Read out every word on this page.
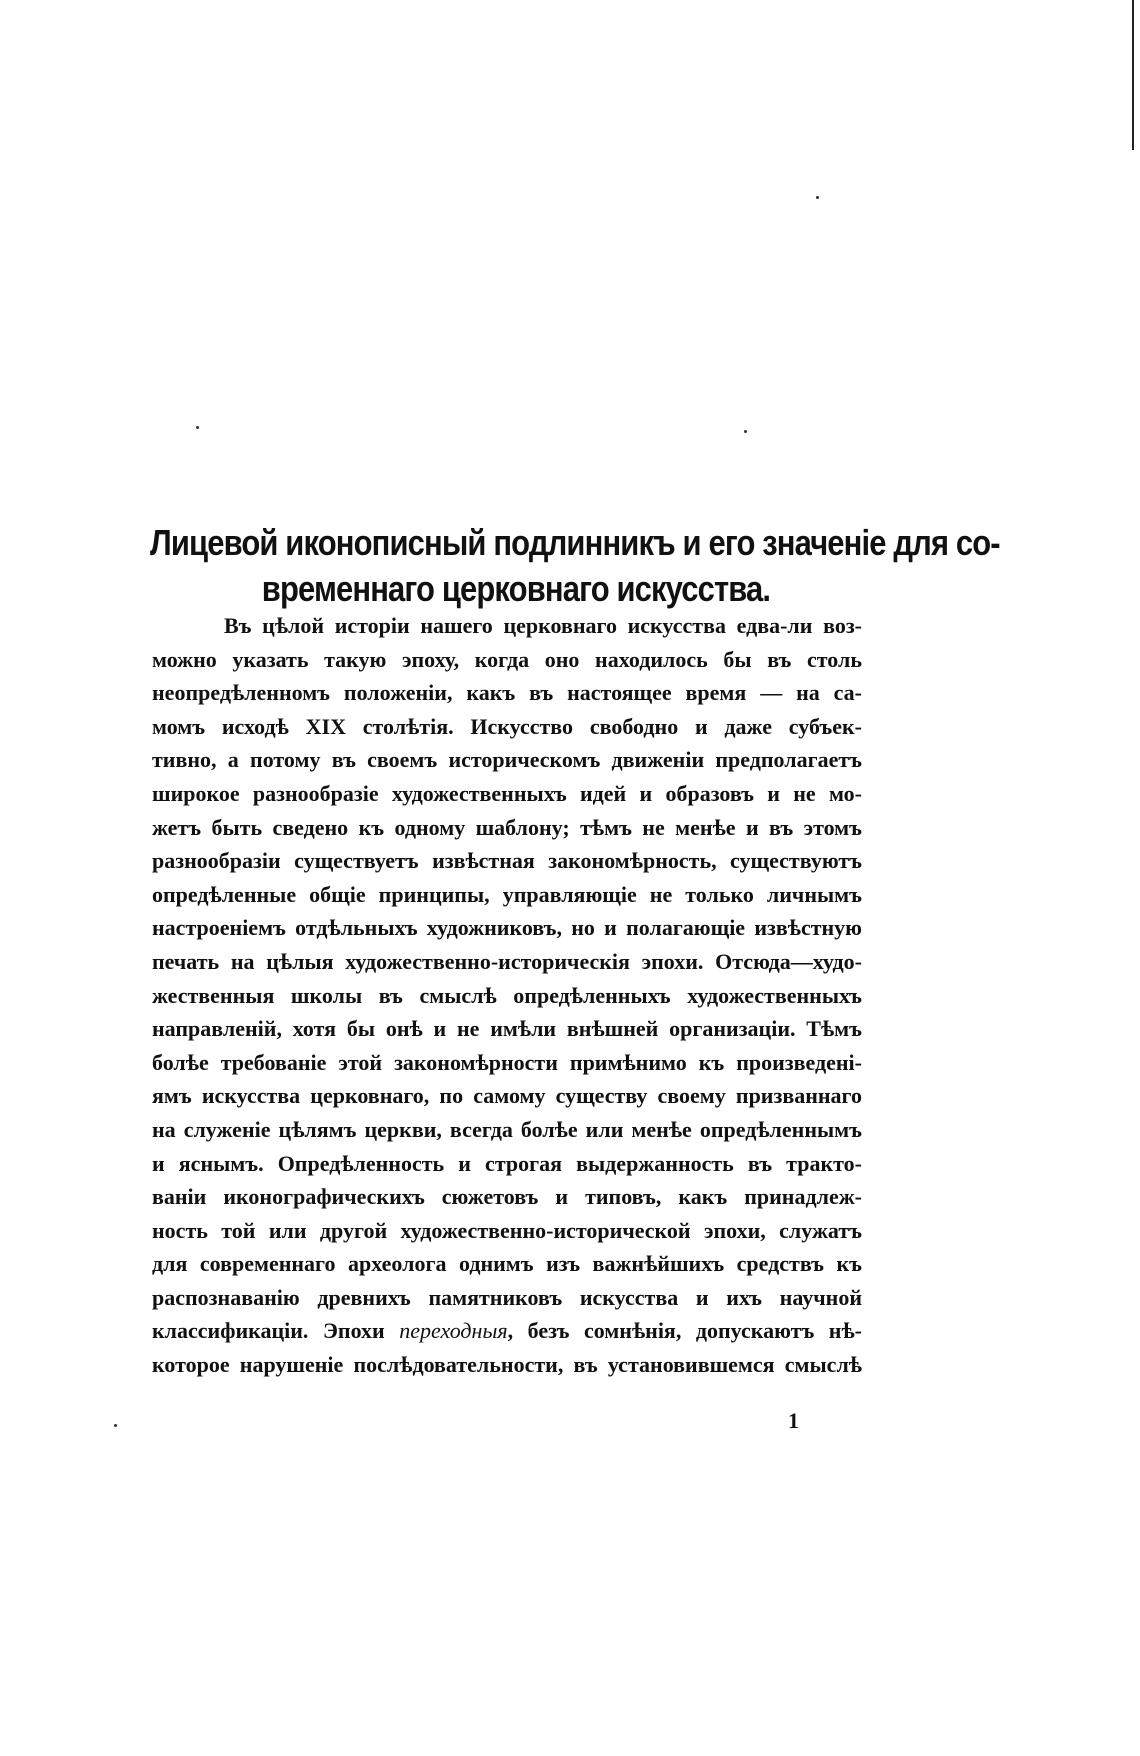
Лицевой иконописный подлинникъ и его значеніе для со-
временнаго церковнаго искусства.
Въ цѣлой исторіи нашего церковнаго искусства едва-ли воз-
можно указать такую эпоху, когда оно находилось бы въ столь
неопредѣленномъ положеніи, какъ въ настоящее время — на са-
момъ исходѣ XIX столѣтія. Искусство свободно и даже субъек-
тивно, а потому въ своемъ историческомъ движеніи предполагаетъ
широкое разнообразіе художественныхъ идей и образовъ и не мо-
жетъ быть сведено къ одному шаблону; тѣмъ не менѣе и въ этомъ
разнообразіи существуетъ извѣстная закономѣрность, существуютъ
опредѣленные общіе принципы, управляющіе не только личнымъ
настроеніемъ отдѣльныхъ художниковъ, но и полагающіе извѣстную
печать на цѣлыя художественно-историческія эпохи. Отсюда—худо-
жественныя школы въ смыслѣ опредѣленныхъ художественныхъ
направленій, хотя бы онѣ и не имѣли внѣшней организаціи. Тѣмъ
болѣе требованіе этой закономѣрности примѣнимо къ произведені-
ямъ искусства церковнаго, по самому существу своему призваннаго
на служеніе цѣлямъ церкви, всегда болѣе или менѣе опредѣленнымъ
и яснымъ. Опредѣленность и строгая выдержанность въ тракто-
ваніи иконографическихъ сюжетовъ и типовъ, какъ принадлеж-
ность той или другой художественно-исторической эпохи, служатъ
для современнаго археолога однимъ изъ важнѣйшихъ средствъ къ
распознаванію древнихъ памятниковъ искусства и ихъ научной
классификаціи. Эпохи переходныя, безъ сомнѣнія, допускаютъ нѣ-
которое нарушеніе послѣдовательности, въ установившемся смыслѣ
1
